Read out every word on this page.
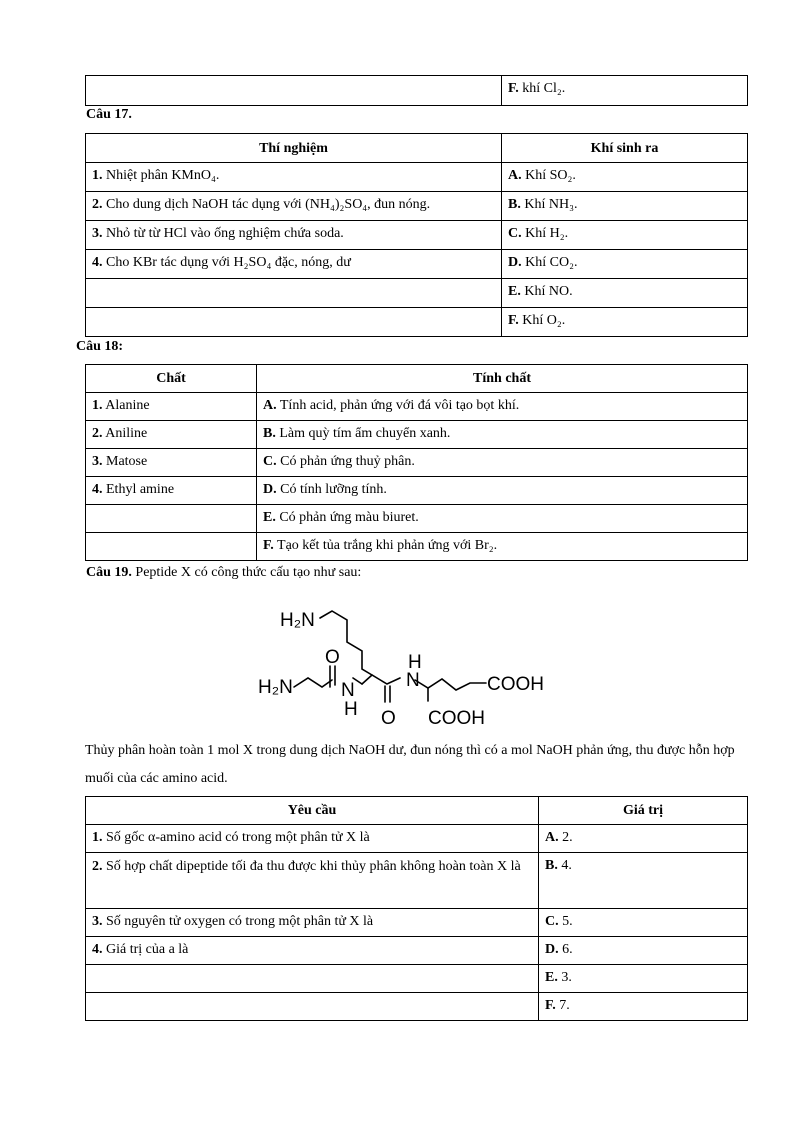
	F. khí Cl₂.
Câu 17.
Thí nghiệm	Khí sinh ra
1. Nhiệt phân KMnO₄.	A. Khí SO₂.
2. Cho dung dịch NaOH tác dụng với (NH₄)₂SO₄, đun nóng.	B. Khí NH₃.
3. Nhỏ từ từ HCl vào ống nghiệm chứa soda.	C. Khí H₂.
4. Cho KBr tác dụng với H₂SO₄ đặc, nóng, dư	D. Khí CO₂.
	E. Khí NO.
	F. Khí O₂.
Câu 18:
Chất	Tính chất
1. Alanine	A. Tính acid, phản ứng với đá vôi tạo bọt khí.
2. Aniline	B. Làm quỳ tím ẩm chuyển xanh.
3. Matose	C. Có phản ứng thuỷ phân.
4. Ethyl amine	D. Có tính lưỡng tính.
	E. Có phản ứng màu biuret.
	F. Tạo kết tủa trắng khi phản ứng với Br₂.
Câu 19. Peptide X có công thức cấu tạo như sau:
H₂N
H₂N
O
N
H O
H
N	COOH
COOH
Thủy phân hoàn toàn 1 mol X trong dung dịch NaOH dư, đun nóng thì có a mol NaOH phản ứng, thu được hỗn hợp muối của các amino acid.
Yêu cầu	Giá trị
1. Số gốc α-amino acid có trong một phân tử X là	A. 2.
2. Số hợp chất dipeptide tối đa thu được khi thủy phân không hoàn toàn X là	B. 4.
3. Số nguyên tử oxygen có trong một phân tử X là	C. 5.
4. Giá trị của a là	D. 6.
	E. 3.
	F. 7.
